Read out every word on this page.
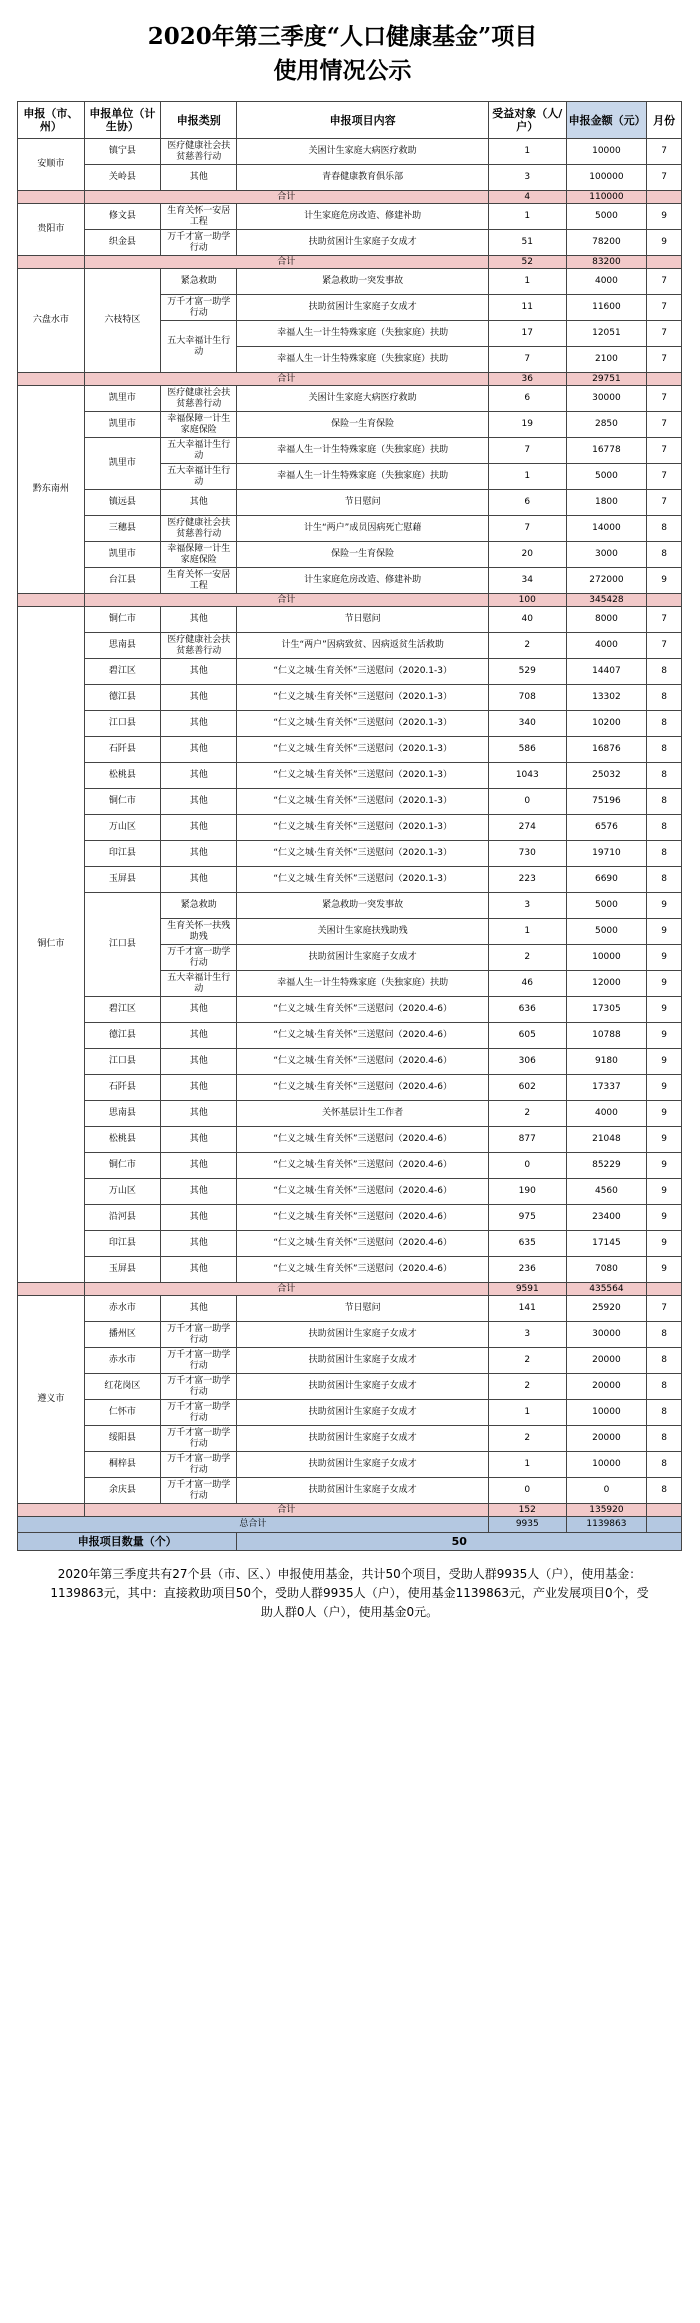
2020年第三季度“人口健康基金”项目
使用情况公示
申报（市、州）	申报单位（计生协）	申报类别	申报项目内容	受益对象（人/户）	申报金额（元）	月份
安顺市	镇宁县	医疗健康社会扶贫慈善行动	关困计生家庭大病医疗救助	1	10000	7
	关岭县	其他	青春健康教育俱乐部	3	100000	7
	合计			4	110000	
贵阳市	修文县	生育关怀一安居工程	计生家庭危房改造、修建补助	1	5000	9
	织金县	万千才富一助学行动	扶助贫困计生家庭子女成才	51	78200	9
	合计			52	83200	
六盘水市	六枝特区	紧急救助	紧急救助一突发事故	1	4000	7
		万千才富一助学行动	扶助贫困计生家庭子女成才	11	11600	7
		五大幸福计生行动	幸福人生一计生特殊家庭（失独家庭）扶助	17	12051	7
			幸福人生一计生特殊家庭（失独家庭）扶助	7	2100	7
	合计			36	29751	
黔东南州	凯里市	医疗健康社会扶贫慈善行动	关困计生家庭大病医疗救助	6	30000	7
	凯里市	幸福保障一计生家庭保险	保险一生育保险	19	2850	7
	凯里市	五大幸福计生行动	幸福人生一计生特殊家庭（失独家庭）扶助	7	16778	7
		五大幸福计生行动	幸福人生一计生特殊家庭（失独家庭）扶助	1	5000	7
	镇远县	其他	节日慰问	6	1800	7
	三穗县	医疗健康社会扶贫慈善行动	计生“两户”成员因病死亡慰藉	7	14000	8
	凯里市	幸福保障一计生家庭保险	保险一生育保险	20	3000	8
	台江县	生育关怀一安居工程	计生家庭危房改造、修建补助	34	272000	9
	合计			100	345428	
铜仁市	铜仁市	其他	节日慰问	40	8000	7
	思南县	医疗健康社会扶贫慈善行动	计生“两户”因病致贫、因病返贫生活救助	2	4000	7
	碧江区	其他	“仁义之城·生育关怀”三送慰问（2020.1-3）	529	14407	8
	德江县	其他	“仁义之城·生育关怀”三送慰问（2020.1-3）	708	13302	8
	江口县	其他	“仁义之城·生育关怀”三送慰问（2020.1-3）	340	10200	8
	石阡县	其他	“仁义之城·生育关怀”三送慰问（2020.1-3）	586	16876	8
	松桃县	其他	“仁义之城·生育关怀”三送慰问（2020.1-3）	1043	25032	8
	铜仁市	其他	“仁义之城·生育关怀”三送慰问（2020.1-3）	0	75196	8
	万山区	其他	“仁义之城·生育关怀”三送慰问（2020.1-3）	274	6576	8
	印江县	其他	“仁义之城·生育关怀”三送慰问（2020.1-3）	730	19710	8
	玉屏县	其他	“仁义之城·生育关怀”三送慰问（2020.1-3）	223	6690	8
	江口县	紧急救助	紧急救助一突发事故	3	5000	9
		生育关怀一扶残助残	关困计生家庭扶残助残	1	5000	9
		万千才富一助学行动	扶助贫困计生家庭子女成才	2	10000	9
		五大幸福计生行动	幸福人生一计生特殊家庭（失独家庭）扶助	46	12000	9
	碧江区	其他	“仁义之城·生育关怀”三送慰问（2020.4-6）	636	17305	9
	德江县	其他	“仁义之城·生育关怀”三送慰问（2020.4-6）	605	10788	9
	江口县	其他	“仁义之城·生育关怀”三送慰问（2020.4-6）	306	9180	9
	石阡县	其他	“仁义之城·生育关怀”三送慰问（2020.4-6）	602	17337	9
	思南县	其他	关怀基层计生工作者	2	4000	9
	松桃县	其他	“仁义之城·生育关怀”三送慰问（2020.4-6）	877	21048	9
	铜仁市	其他	“仁义之城·生育关怀”三送慰问（2020.4-6）	0	85229	9
	万山区	其他	“仁义之城·生育关怀”三送慰问（2020.4-6）	190	4560	9
	沿河县	其他	“仁义之城·生育关怀”三送慰问（2020.4-6）	975	23400	9
	印江县	其他	“仁义之城·生育关怀”三送慰问（2020.4-6）	635	17145	9
	玉屏县	其他	“仁义之城·生育关怀”三送慰问（2020.4-6）	236	7080	9
	合计			9591	435564	
遵义市	赤水市	其他	节日慰问	141	25920	7
	播州区	万千才富一助学行动	扶助贫困计生家庭子女成才	3	30000	8
	赤水市	万千才富一助学行动	扶助贫困计生家庭子女成才	2	20000	8
	红花岗区	万千才富一助学行动	扶助贫困计生家庭子女成才	2	20000	8
	仁怀市	万千才富一助学行动	扶助贫困计生家庭子女成才	1	10000	8
	绥阳县	万千才富一助学行动	扶助贫困计生家庭子女成才	2	20000	8
	桐梓县	万千才富一助学行动	扶助贫困计生家庭子女成才	1	10000	8
	余庆县	万千才富一助学行动	扶助贫困计生家庭子女成才	0	0	8
	合计			152	135920	
总合计				9935	1139863	
申报项目数量（个）			50			
2020年第三季度共有27个县（市、区、）申报使用基金，共计50个项目，受助人群9935人（户），使用基金：1139863元，其中：直接救助项目50个，受助人群9935人（户），使用基金1139863元，产业发展项目0个，受助人群0人（户），使用基金0元。						
